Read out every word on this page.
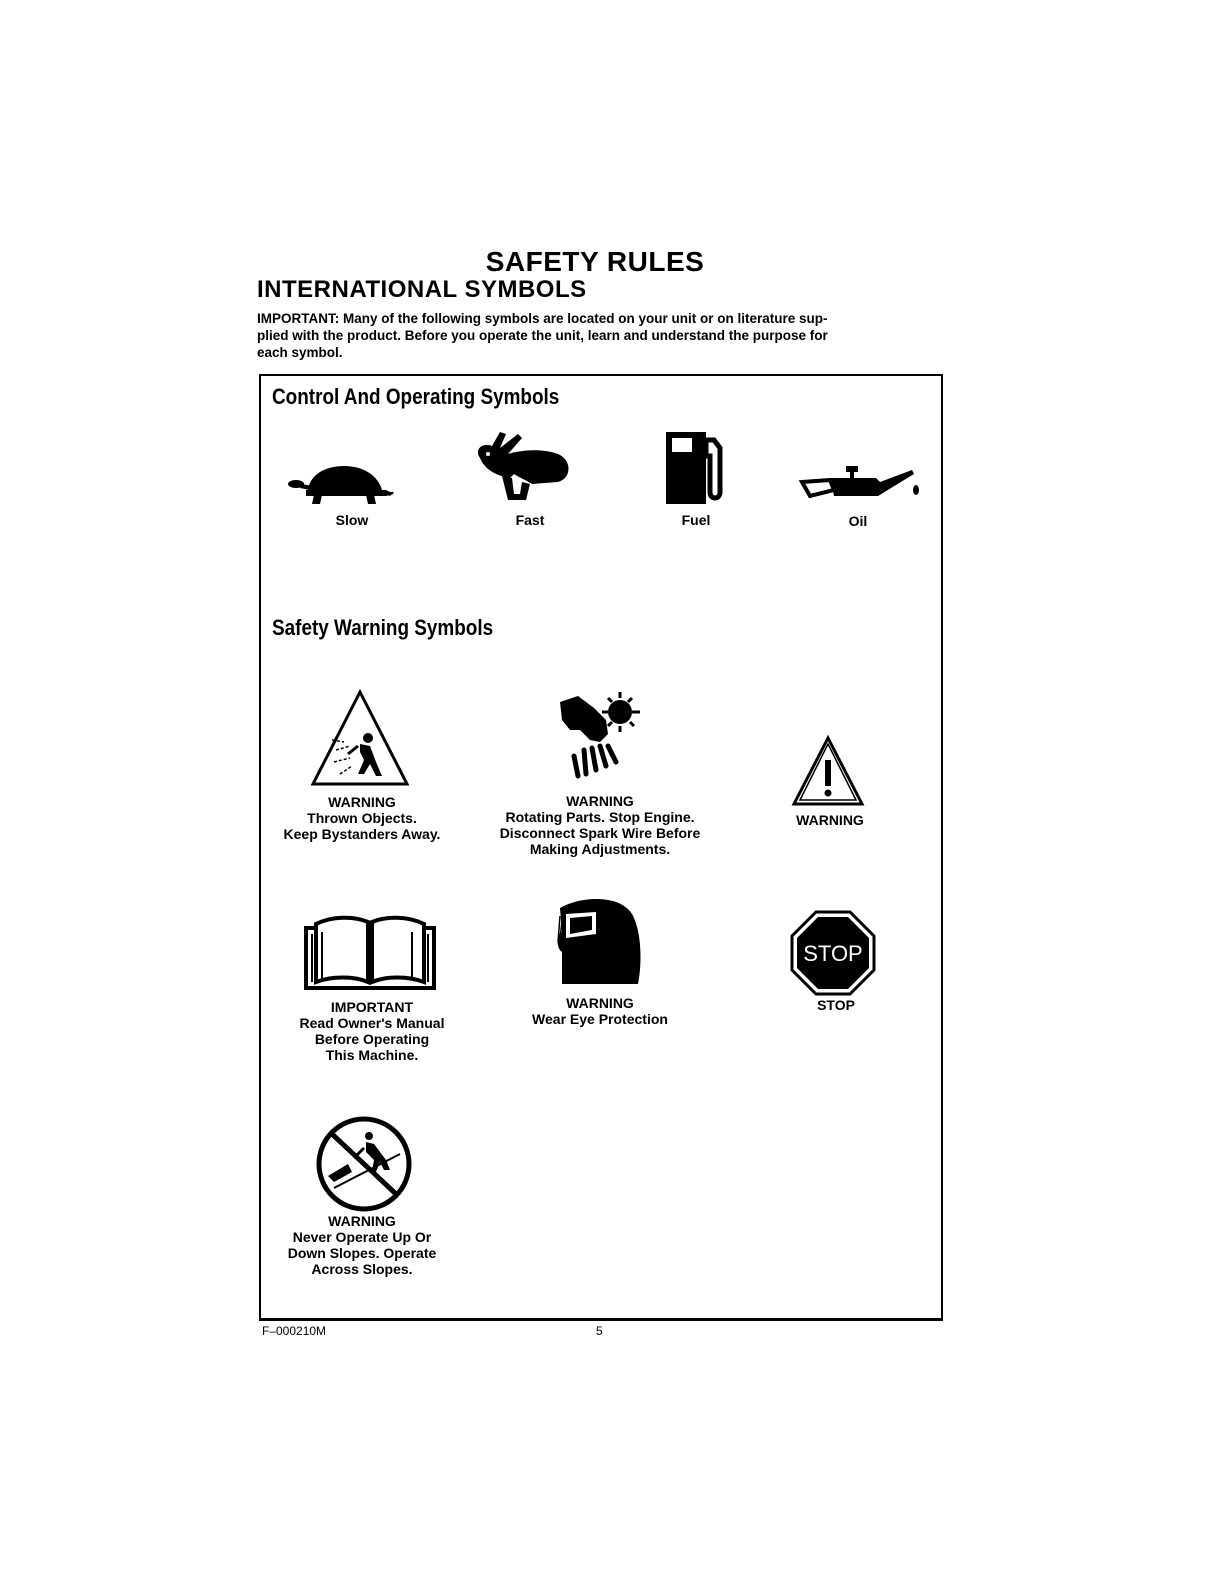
SAFETY RULES
INTERNATIONAL SYMBOLS
IMPORTANT: Many of the following symbols are located on your unit or on literature sup-
plied with the product. Before you operate the unit, learn and understand the purpose for
each symbol.
Control And Operating Symbols
Slow	Fast	Fuel	Oil
Safety Warning Symbols
WARNING
Thrown Objects.
Keep Bystanders Away.
WARNING
Rotating Parts. Stop Engine.
Disconnect Spark Wire Before
Making Adjustments.
WARNING
IMPORTANT
Read Owner's Manual
Before Operating
This Machine.
WARNING
Wear Eye Protection
STOP
STOP
WARNING
Never Operate Up Or
Down Slopes. Operate
Across Slopes.
F–000210M	5
